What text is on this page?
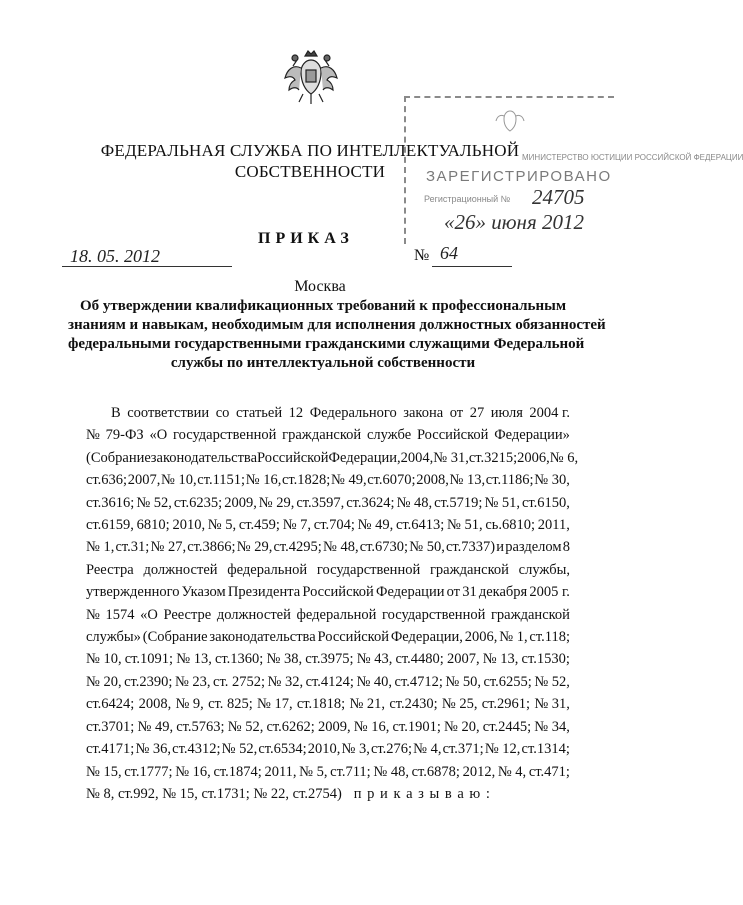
ФЕДЕРАЛЬНАЯ СЛУЖБА ПО ИНТЕЛЛЕКТУАЛЬНОЙ
СОБСТВЕННОСТИ
МИНИСТЕРСТВО ЮСТИЦИИ РОССИЙСКОЙ ФЕДЕРАЦИИ
ЗАРЕГИСТРИРОВАНО
Регистрационный № 24705
«26» июня 2012
ПРИКАЗ
18. 05. 2012	№ 64
Москва
Об утверждении квалификационных требований к профессиональным
знаниям и навыкам, необходимым для исполнения должностных обязанностей
федеральными государственными гражданскими служащими Федеральной
службы по интеллектуальной собственности
В соответствии со статьей 12 Федерального закона от 27 июля 2004 г.
№ 79-ФЗ «О государственной гражданской службе Российской Федерации»
(Собрание законодательства Российской Федерации, 2004, № 31, ст.3215; 2006, № 6,
ст.636; 2007, № 10, ст.1151; № 16, ст.1828; № 49, ст.6070; 2008, № 13, ст.1186; № 30,
ст.3616; № 52, ст.6235; 2009, № 29, ст.3597, ст.3624; № 48, ст.5719; № 51, ст.6150,
ст.6159, 6810; 2010, № 5, ст.459; № 7, ст.704; № 49, ст.6413; № 51, сь.6810; 2011,
№ 1, ст.31; № 27, ст.3866; № 29, ст.4295; № 48, ст.6730; № 50, ст.7337) и разделом 8
Реестра должностей федеральной государственной гражданской службы,
утвержденного Указом Президента Российской Федерации от 31 декабря 2005 г.
№ 1574 «О Реестре должностей федеральной государственной гражданской
службы» (Собрание законодательства Российской Федерации, 2006, № 1, ст.118;
№ 10, ст.1091; № 13, ст.1360; № 38, ст.3975; № 43, ст.4480; 2007, № 13, ст.1530;
№ 20, ст.2390; № 23, ст. 2752; № 32, ст.4124; № 40, ст.4712; № 50, ст.6255; № 52,
ст.6424; 2008, № 9, ст. 825; № 17, ст.1818; № 21, ст.2430; № 25, ст.2961; № 31,
ст.3701; № 49, ст.5763; № 52, ст.6262; 2009, № 16, ст.1901; № 20, ст.2445; № 34,
ст.4171; № 36, ст.4312; № 52, ст.6534; 2010, № 3, ст.276; № 4, ст.371; № 12, ст.1314;
№ 15, ст.1777; № 16, ст.1874; 2011, № 5, ст.711; № 48, ст.6878; 2012, № 4, ст.471;
№ 8, ст.992, № 15, ст.1731; № 22, ст.2754) п р и к а з ы в а ю :
